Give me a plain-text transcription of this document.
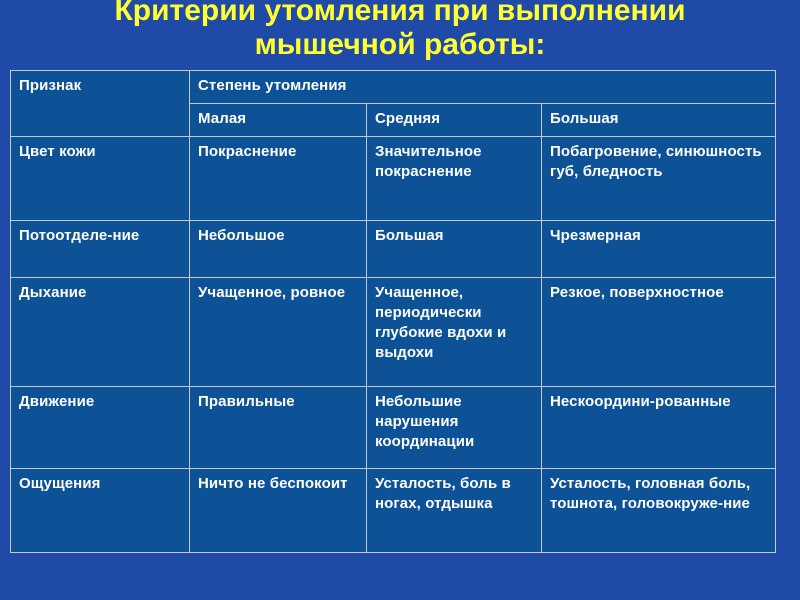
Критерии утомления при выполнении
мышечной работы:
Признак	Степень утомления		
	Малая	Средняя	Большая
Цвет кожи	Покраснение	Значительное покраснение	Побагровение, синюшность губ, бледность
Потоотделе-ние	Небольшое	Большая	Чрезмерная
Дыхание	Учащенное, ровное	Учащенное, периодически глубокие вдохи и выдохи	Резкое, поверхностное
Движение	Правильные	Небольшие нарушения координации	Нескоордини-рованные
Ощущения	Ничто не беспокоит	Усталость, боль в ногах, отдышка	Усталость, головная боль, тошнота, головокруже-ние
